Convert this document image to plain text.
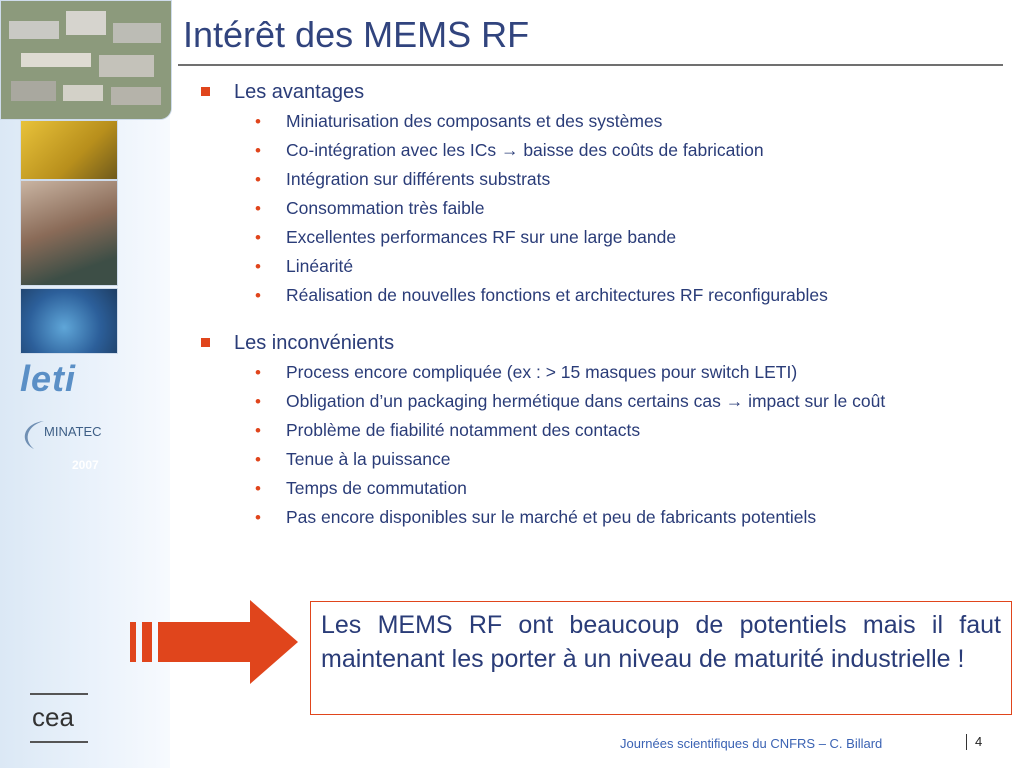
leti
MINATEC
2007
cea
Intérêt des MEMS RF
Les avantages
• Miniaturisation des composants et des systèmes
• Co-intégration avec les ICs → baisse des coûts de fabrication
• Intégration sur différents substrats
• Consommation très faible
• Excellentes performances RF sur une large bande
• Linéarité
• Réalisation de nouvelles fonctions et architectures RF reconfigurables
Les inconvénients
• Process encore compliquée (ex : > 15 masques pour switch LETI)
• Obligation d’un packaging hermétique dans certains cas → impact sur le coût
• Problème de fiabilité notamment des contacts
• Tenue à la puissance
• Temps de commutation
• Pas encore disponibles sur le marché et peu de fabricants potentiels
Les MEMS RF ont beaucoup de potentiels mais il faut maintenant les porter à un niveau de maturité industrielle !
Journées scientifiques du CNFRS – C. Billard	4
